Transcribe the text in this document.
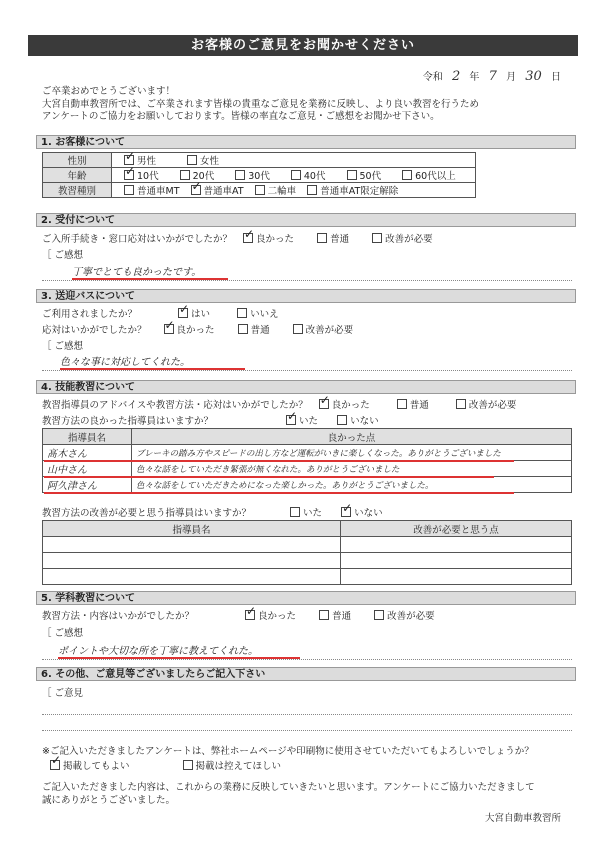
お客様のご意見をお聞かせください
令和 2 年 7 月 30 日
ご卒業おめでとうございます！
大宮自動車教習所では、ご卒業されます皆様の貴重なご意見を業務に反映し、より良い教習を行うため
アンケートのご協力をお願いしております。皆様の率直なご意見・ご感想をお聞かせ下さい。
1. お客様について
性別	✓男性 女性
年齢	✓10代 20代 30代 40代 50代 60代以上
教習種別	普通車MT ✓ 普通車AT 二輪車 普通車AT限定解除
2. 受付について
ご入所手続き・窓口応対はいかがでしたか？ ✓	良かった	普通	改善が必要
［ ご感想
丁寧でとても良かったです。
3. 送迎バスについて
ご利用されましたか？ ✓	はい	いいえ
応対はいかがでしたか？ ✓	良かった	普通	改善が必要
［ ご感想
色々な事に対応してくれた。
4. 技能教習について
教習指導員のアドバイスや教習方法・応対はいかがでしたか？ ✓	良かった	普通	改善が必要
教習方法の良かった指導員はいますか？ ✓	いた	いない
指導員名	良かった点
髙木さん	ブレーキの踏み方やスピードの出し方など運転がいきに楽しくなった。ありがとうございました
山中さん	色々な話をしていただき緊張が無くなれた。ありがとうございました
阿久津さん	色々な話をしていただきためになった楽しかった。ありがとうございました。
教習方法の改善が必要と思う指導員はいますか？	いた ✓	いない
指導員名	改善が必要と思う点

5. 学科教習について
教習方法・内容はいかがでしたか？ ✓	良かった	普通	改善が必要
［ ご感想
ポイントや大切な所を丁寧に教えてくれた。
6. その他、ご意見等ございましたらご記入下さい
［ ご意見
※ご記入いただきましたアンケートは、弊社ホームページや印刷物に使用させていただいてもよろしいでしょうか？
✓掲載してもよい	掲載は控えてほしい
ご記入いただきました内容は、これからの業務に反映していきたいと思います。アンケートにご協力いただきまして
誠にありがとうございました。
大宮自動車教習所
